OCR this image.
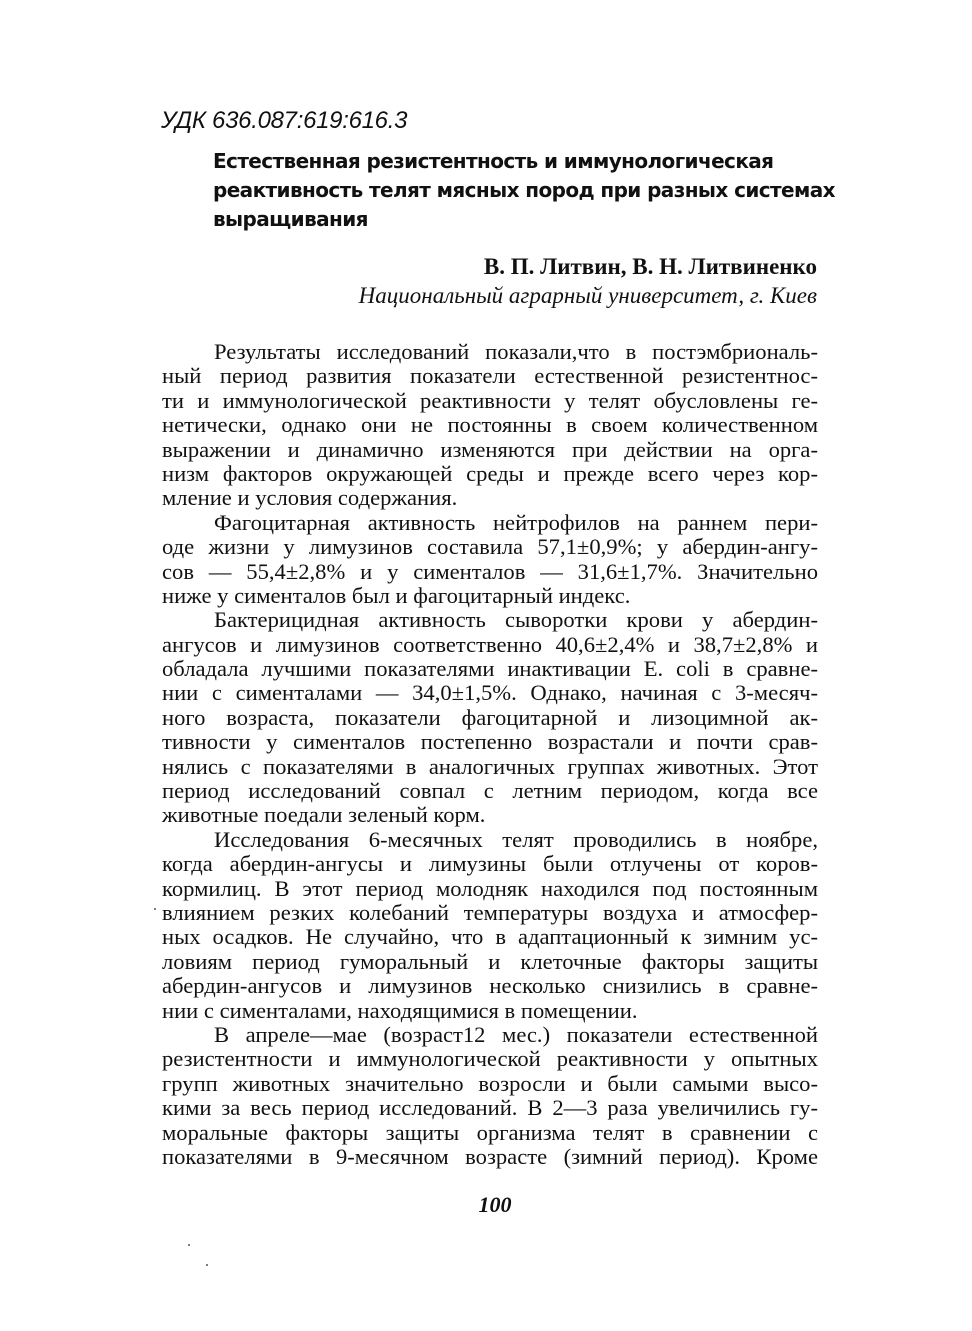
УДК 636.087:619:616.3
Естественная резистентность и иммунологическая
реактивность телят мясных пород при разных системах
выращивания
В. П. Литвин, В. Н. Литвиненко
Национальный аграрный университет, г. Киев
Результаты исследований показали,что в постэмбриональ-
ный период развития показатели естественной резистентнос-
ти и иммунологической реактивности у телят обусловлены ге-
нетически, однако они не постоянны в своем количественном
выражении и динамично изменяются при действии на орга-
низм факторов окружающей среды и прежде всего через кор-
мление и условия содержания.
Фагоцитарная активность нейтрофилов на раннем пери-
оде жизни у лимузинов составила 57,1±0,9%; у абердин-ангу-
сов — 55,4±2,8% и у сименталов — 31,6±1,7%. Значительно
ниже у сименталов был и фагоцитарный индекс.
Бактерицидная активность сыворотки крови у абердин-
ангусов и лимузинов соответственно 40,6±2,4% и 38,7±2,8% и
обладала лучшими показателями инактивации E. coli в сравне-
нии с сименталами — 34,0±1,5%. Однако, начиная с 3-месяч-
ного возраста, показатели фагоцитарной и лизоцимной ак-
тивности у сименталов постепенно возрастали и почти срав-
нялись с показателями в аналогичных группах животных. Этот
период исследований совпал с летним периодом, когда все
животные поедали зеленый корм.
Исследования 6-месячных телят проводились в ноябре,
когда абердин-ангусы и лимузины были отлучены от коров-
кормилиц. В этот период молодняк находился под постоянным
влиянием резких колебаний температуры воздуха и атмосфер-
ных осадков. Не случайно, что в адаптационный к зимним ус-
ловиям период гуморальный и клеточные факторы защиты
абердин-ангусов и лимузинов несколько снизились в сравне-
нии с сименталами, находящимися в помещении.
В апреле—мае (возраст12 мес.) показатели естественной
резистентности и иммунологической реактивности у опытных
групп животных значительно возросли и были самыми высо-
кими за весь период исследований. В 2—3 раза увеличились гу-
моральные факторы защиты организма телят в сравнении с
показателями в 9-месячном возрасте (зимний период). Кроме
100
